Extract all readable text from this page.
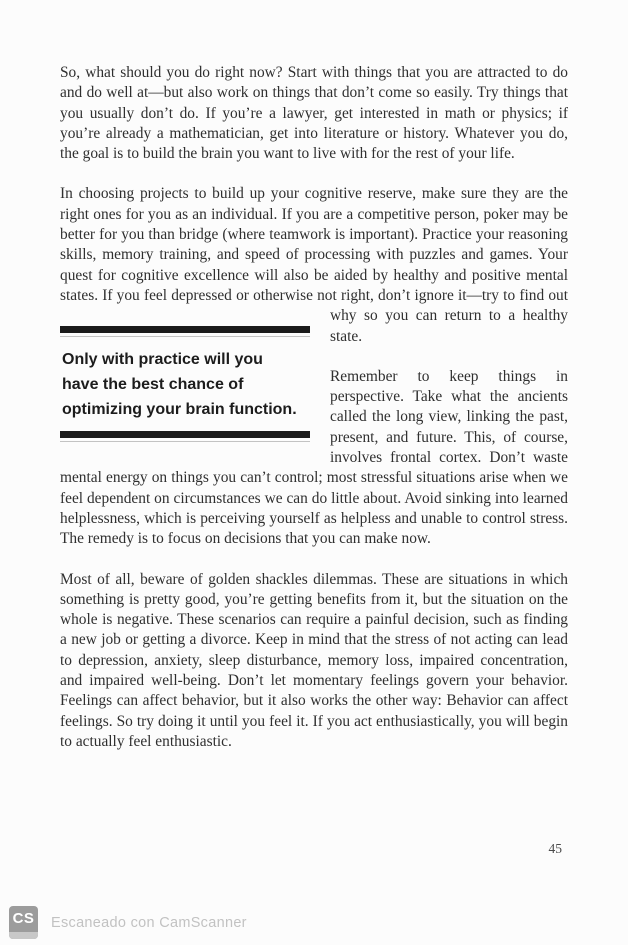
So, what should you do right now? Start with things that you are attracted to do and do well at—but also work on things that don’t come so easily. Try things that you usually don’t do. If you’re a lawyer, get interested in math or physics; if you’re already a mathematician, get into literature or history. Whatever you do, the goal is to build the brain you want to live with for the rest of your life.

In choosing projects to build up your cognitive reserve, make sure they are the right ones for you as an individual. If you are a competitive person, poker may be better for you than bridge (where teamwork is important). Practice your reasoning skills, memory training, and speed of processing with puzzles and games. Your quest for cognitive excellence will also be aided by healthy and positive mental states. If you feel depressed or otherwise not right, don’t
Only with practice will you
have the best chance of
optimizing your brain function.
ignore it—try to find out why so you can return to a healthy state.

Remember to keep things in perspective. Take what the ancients called the long view, linking the past, present, and future. This, of course, involves frontal cortex. Don’t waste mental energy on things you can’t control; most stressful situations arise when we feel dependent on circumstances we can do little about. Avoid sinking into learned helplessness, which is perceiving yourself as helpless and unable to control stress. The remedy is to focus on decisions that you can make now.

Most of all, beware of golden shackles dilemmas. These are situations in which something is pretty good, you’re getting benefits from it, but the situation on the whole is negative. These scenarios can require a painful decision, such as finding a new job or getting a divorce. Keep in mind that the stress of not acting can lead to depression, anxiety, sleep disturbance, memory loss, impaired concentration, and impaired well-being. Don’t let momentary feelings govern your behavior. Feelings can affect behavior, but it also works the other way: Behavior can affect feelings. So try doing it until you feel it. If you act enthusiastically, you will begin to actually feel enthusiastic.

45
CS Escaneado con CamScanner
